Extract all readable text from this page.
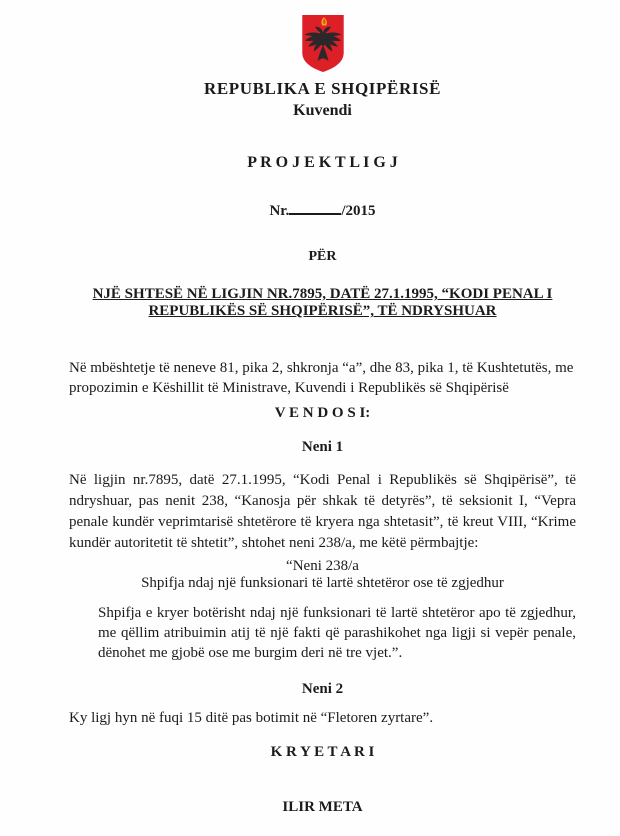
REPUBLIKA E SHQIPËRISË
Kuvendi
P R O J E K T L I G J
Nr.	/2015
PËR
NJË SHTESË NË LIGJIN NR.7895, DATË 27.1.1995, “KODI PENAL I REPUBLIKËS SË SHQIPËRISË”, TË NDRYSHUAR
Në mbështetje të neneve 81, pika 2, shkronja “a”, dhe 83, pika 1, të Kushtetutës, me propozimin e Këshillit të Ministrave, Kuvendi i Republikës së Shqipërisë
V E N D O S I:
Neni 1
Në ligjin nr.7895, datë 27.1.1995, “Kodi Penal i Republikës së Shqipërisë”, të ndryshuar, pas nenit 238, “Kanosja për shkak të detyrës”, të seksionit I, “Vepra penale kundër veprimtarisë shtetërore të kryera nga shtetasit”, të kreut VIII, “Krime kundër autoritetit të shtetit”, shtohet neni 238/a, me këtë përmbajtje:
“Neni 238/a
Shpifja ndaj një funksionari të lartë shtetëror ose të zgjedhur
Shpifja e kryer botërisht ndaj një funksionari të lartë shtetëror apo të zgjedhur, me qëllim atribuimin atij të një fakti që parashikohet nga ligji si vepër penale, dënohet me gjobë ose me burgim deri në tre vjet.”.
Neni 2
Ky ligj hyn në fuqi 15 ditë pas botimit në “Fletoren zyrtare”.
K R Y E T A R I
ILIR META
